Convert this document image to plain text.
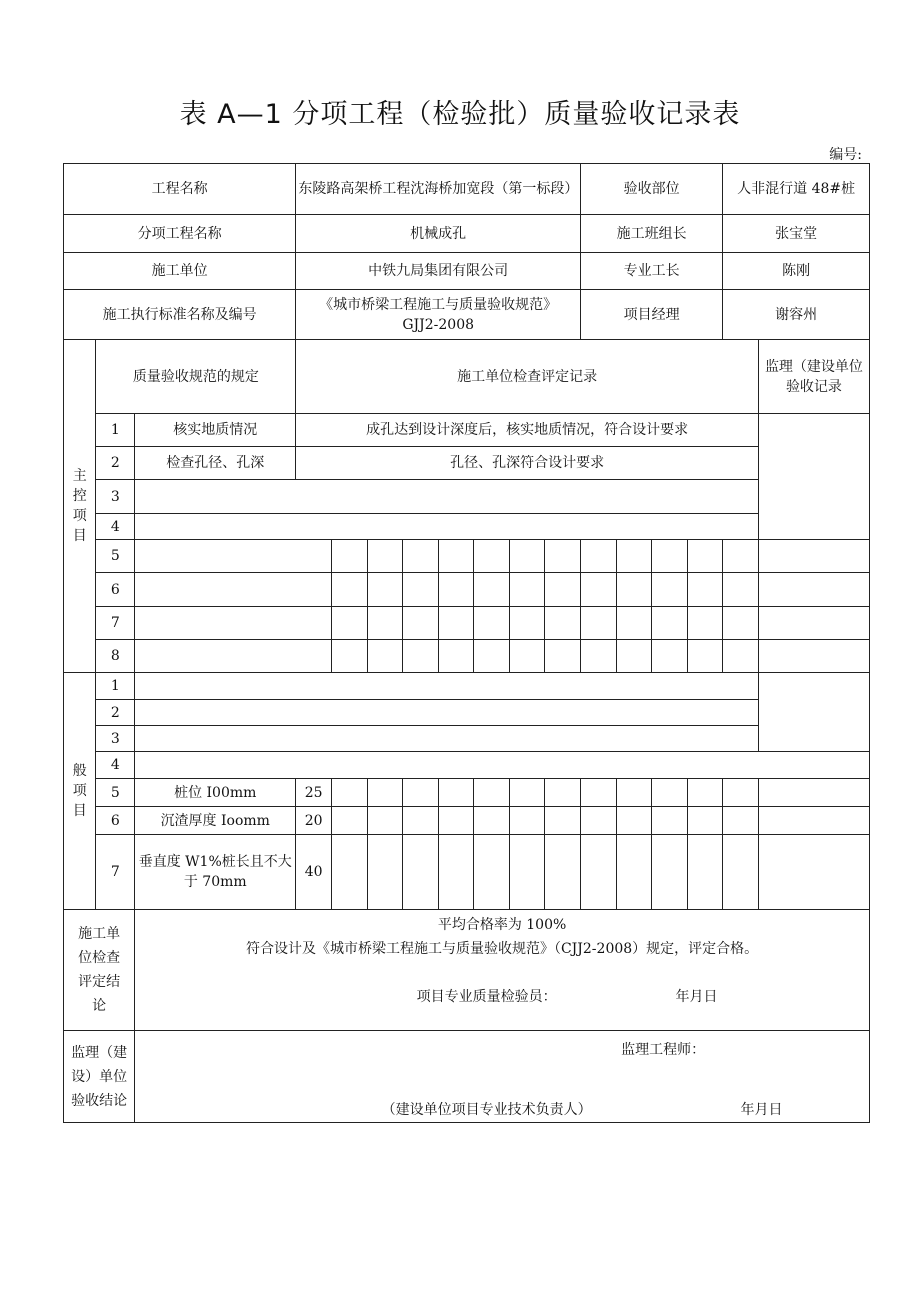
表 A—1 分项工程（检验批）质量验收记录表
编号:
工程名称			东陵路高架桥工程沈海桥加宽段（第一标段）								验收部位				人非混行道 48#桩	
分项工程名称			机械成孔								施工班组长				张宝堂	
施工单位			中铁九局集团有限公司								专业工长				陈刚	
施工执行标准名称及编号			《城市桥梁工程施工与质量验收规范》
GJJ2-2008								项目经理				谢容州	

主
控
项
目	质量验收规范的规定		施工单位检查评定记录													监理（建设单位验收记录
	1	核实地质情况	成孔达到设计深度后，核实地质情况，符合设计要求													
	2	检查孔径、孔深	孔径、孔深符合设计要求													
	3															
	4															
	5															
	6															
	7															
	8															

般
项
目	1															
	2															
	3															
	4															
	5	桩位 I00mm	25													
	6	沉渣厚度 Ioomm	20													
	7	垂直度 W1%桩长且不大于 70mm	40													

施工单
位检查
评定结
论		平均合格率为 100%
符合设计及《城市桥梁工程施工与质量验收规范》（CJJ2-2008）规定，评定合格。
项目专业质量检验员： 年月日														

监理（建
设）单位
验收结论		监理工程师：
（建设单位项目专业技术负责人） 年月日														
